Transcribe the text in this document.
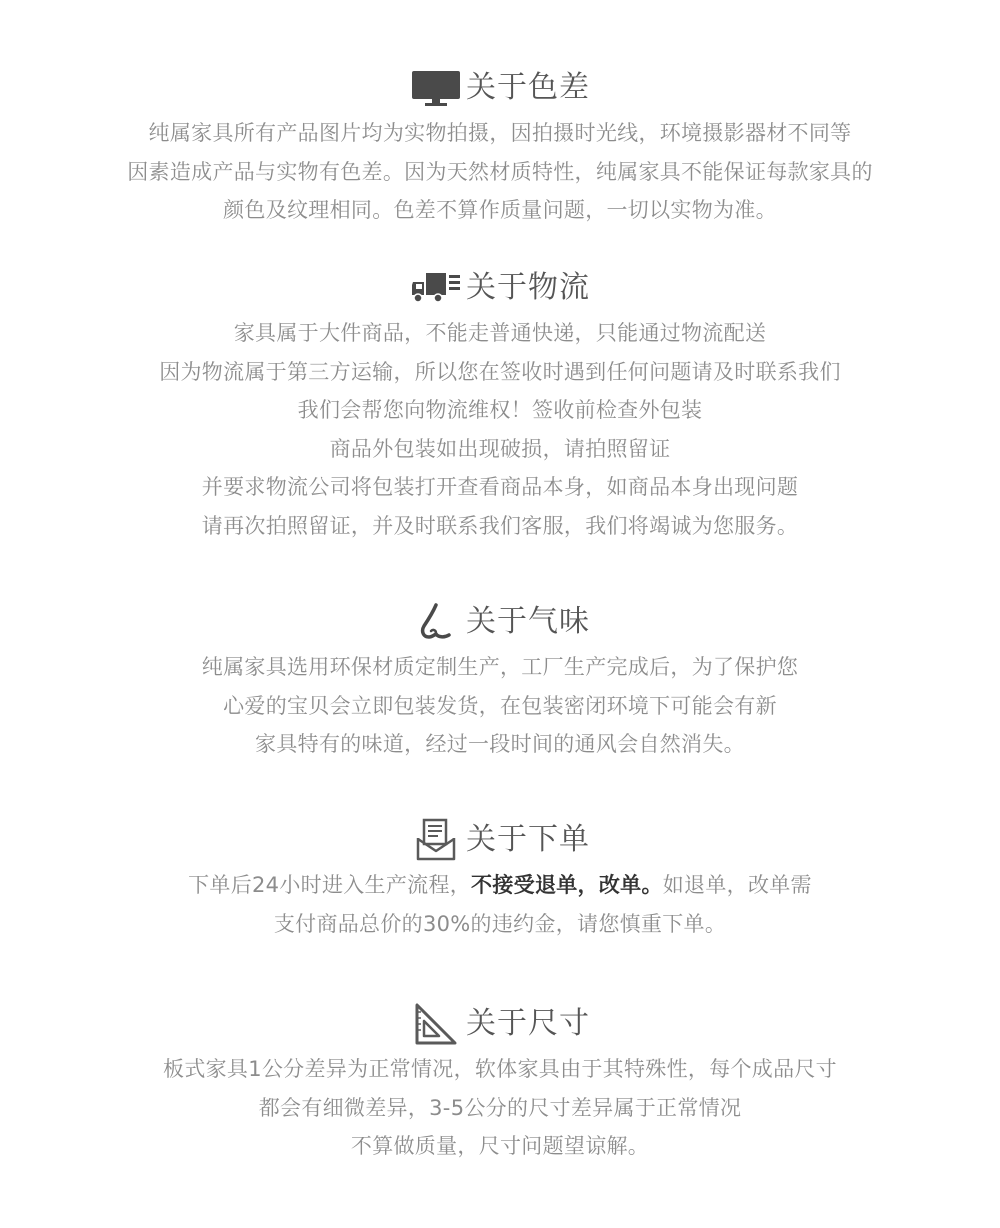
关于色差
纯属家具所有产品图片均为实物拍摄，因拍摄时光线，环境摄影器材不同等
因素造成产品与实物有色差。因为天然材质特性，纯属家具不能保证每款家具的
颜色及纹理相同。色差不算作质量问题，一切以实物为准。
关于物流
家具属于大件商品，不能走普通快递，只能通过物流配送
因为物流属于第三方运输，所以您在签收时遇到任何问题请及时联系我们
我们会帮您向物流维权！签收前检查外包装
商品外包装如出现破损，请拍照留证
并要求物流公司将包装打开查看商品本身，如商品本身出现问题
请再次拍照留证，并及时联系我们客服，我们将竭诚为您服务。
关于气味
纯属家具选用环保材质定制生产，工厂生产完成后，为了保护您
心爱的宝贝会立即包装发货，在包装密闭环境下可能会有新
家具特有的味道，经过一段时间的通风会自然消失。
关于下单
下单后24小时进入生产流程，不接受退单，改单。如退单，改单需
支付商品总价的30%的违约金，请您慎重下单。
关于尺寸
板式家具1公分差异为正常情况，软体家具由于其特殊性，每个成品尺寸
都会有细微差异，3-5公分的尺寸差异属于正常情况
不算做质量，尺寸问题望谅解。
